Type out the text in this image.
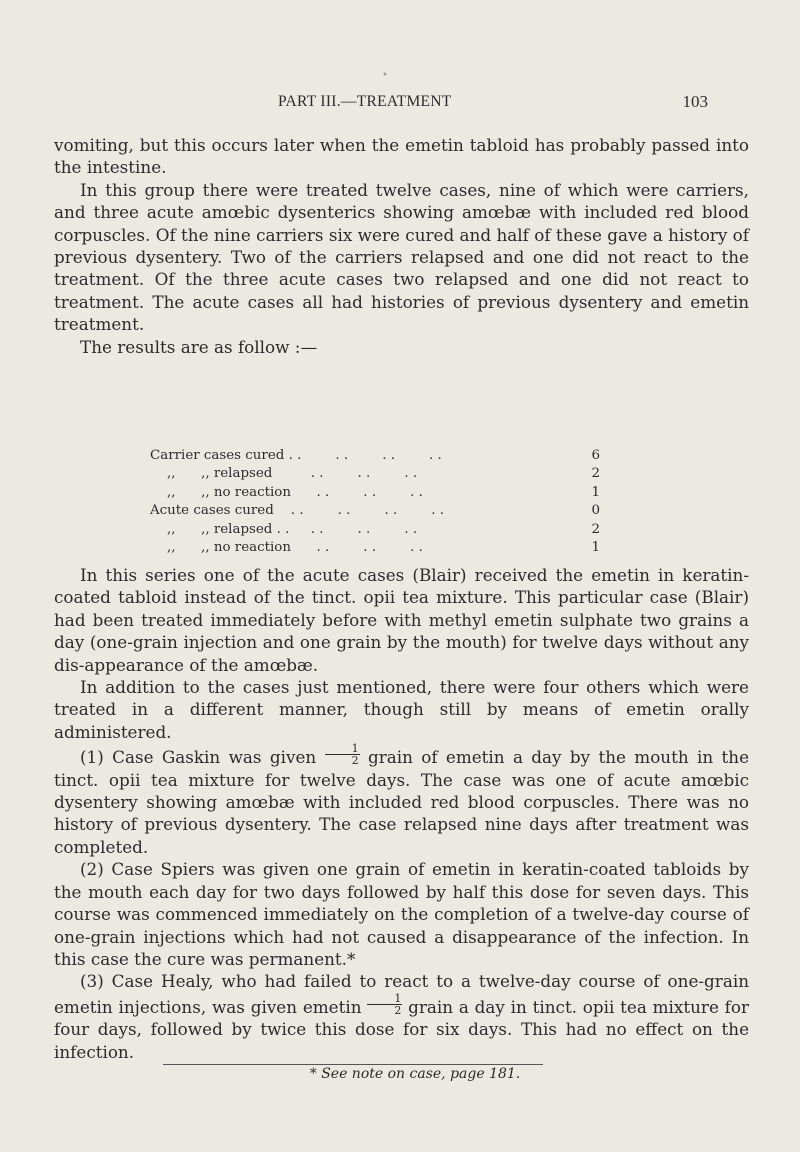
•
PART III.—TREATMENT	103

vomiting, but this occurs later when the emetin tabloid has probably passed into the intestine.

In this group there were treated twelve cases, nine of which were carriers, and three acute amœbic dysenterics showing amœbæ with included red blood corpuscles. Of the nine carriers six were cured and half of these gave a history of previous dysentery. Two of the carriers relapsed and one did not react to the treatment. Of the three acute cases two relapsed and one did not react to treatment. The acute cases all had histories of previous dysentery and emetin treatment.

The results are as follow :—

Carrier cases cured . .        . .        . .        . .	6
,,      ,, relapsed         . .        . .        . .	2
,,      ,, no reaction      . .        . .        . .	1
Acute cases cured    . .        . .        . .        . .	0
,,      ,, relapsed . .     . .        . .        . .	2
,,      ,, no reaction      . .        . .        . .	1

In this series one of the acute cases (Blair) received the emetin in keratin-coated tabloid instead of the tinct. opii tea mixture. This particular case (Blair) had been treated immediately before with methyl emetin sulphate two grains a day (one-grain injection and one grain by the mouth) for twelve days without any dis-appearance of the amœbæ.

In addition to the cases just mentioned, there were four others which were treated in a different manner, though still by means of emetin orally administered.

(1) Case Gaskin was given $\frac{1}{2}$ grain of emetin a day by the mouth in the tinct. opii tea mixture for twelve days. The case was one of acute amœbic dysentery showing amœbæ with included red blood corpuscles. There was no history of previous dysentery. The case relapsed nine days after treatment was completed.

(2) Case Spiers was given one grain of emetin in keratin-coated tabloids by the mouth each day for two days followed by half this dose for seven days. This course was commenced immediately on the completion of a twelve-day course of one-grain injections which had not caused a disappearance of the infection. In this case the cure was permanent.*

(3) Case Healy, who had failed to react to a twelve-day course of one-grain emetin injections, was given emetin $\frac{1}{2}$ grain a day in tinct. opii tea mixture for four days, followed by twice this dose for six days. This had no effect on the infection.

* See note on case, page 181.
